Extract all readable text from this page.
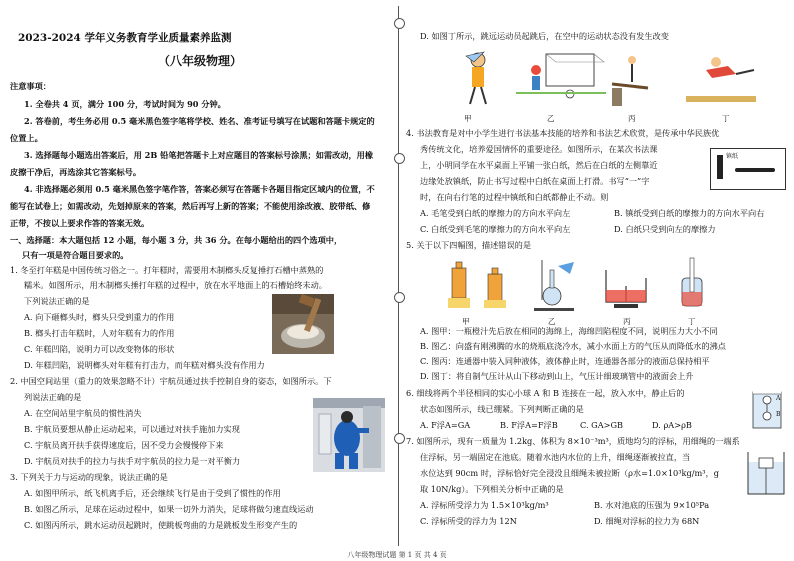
2023-2024 学年义务教育学业质量素养监测
（八年级物理）
注意事项：
1. 全卷共 4 页，满分 100 分，考试时间为 90 分钟。
2. 答卷前，考生务必用 0.5 毫米黑色签字笔将学校、姓名、准考证号填写在试题和答题卡规定的
位置上。
3. 选择题每小题选出答案后，用 2B 铅笔把答题卡上对应题目的答案标号涂黑；如需改动，用橡
皮擦干净后，再选涂其它答案标号。
4. 非选择题必须用 0.5 毫米黑色签字笔作答，答案必须写在答题卡各题目指定区域内的位置，不
能写在试卷上；如需改动，先划掉原来的答案，然后再写上新的答案；不能使用涂改液、胶带纸、修
正带，不按以上要求作答的答案无效。
一、选择题：本大题包括 12 小题，每小题 3 分，共 36 分。在每小题给出的四个选项中，
只有一项是符合题目要求的。
1. 冬至打年糕是中国传统习俗之一。打年糕时，需要用木制榔头反复捶打石槽中蒸熟的
糯米。如图所示，用木制榔头捶打年糕的过程中，放在水平地面上的石槽始终未动。
下列说法正确的是
A. 向下砸榔头时，榔头只受到重力的作用
B. 榔头打击年糕时，人对年糕有力的作用
C. 年糕凹陷，说明力可以改变物体的形状
D. 年糕凹陷，说明榔头对年糕有打击力，而年糕对榔头没有作用力
2. 中国空间站里（重力的效果忽略不计）宇航员通过扶手控制自身的姿态，如图所示。下
列说法正确的是
A. 在空间站里宇航员的惯性消失
B. 宇航员要想从静止运动起来，可以通过对扶手施加力实现
C. 宇航员离开扶手获得速度后，因不受力会慢慢停下来
D. 宇航员对扶手的拉力与扶手对宇航员的拉力是一对平衡力
3. 下列关于力与运动的现象，说法正确的是
A. 如图甲所示，纸飞机离手后，还会继续飞行是由于受到了惯性的作用
B. 如图乙所示，足球在运动过程中，如果一切外力消失，足球将做匀速直线运动
C. 如图丙所示，跳水运动员起跳时，使跳板弯曲的力是跳板发生形变产生的
D. 如图丁所示，跳远运动员起跳后，在空中的运动状态没有发生改变
甲	乙	丙	丁
4. 书法教育是对中小学生进行书法基本技能的培养和书法艺术欣赏，是传承中华民族优
秀传统文化，培养爱国情怀的重要途径。如图所示，在某次书法课
上，小明同学在水平桌面上平铺一张白纸，然后在白纸的左侧靠近
边缘处放镇纸，防止书写过程中白纸在桌面上打滑。书写“一”字
时，在向右行笔的过程中镇纸和白纸都静止不动。则
镇纸
A. 毛笔受到白纸的摩擦力的方向水平向左	B. 镇纸受到白纸的摩擦力的方向水平向右
C. 白纸受到毛笔的摩擦力的方向水平向左	D. 白纸只受到向左的摩擦力
5. 关于以下四幅图，描述错误的是
甲	乙	丙	丁
A. 图甲：一瓶橙汁先后放在相同的海绵上，海绵凹陷程度不同，说明压力大小不同
B. 图乙：向盛有刚沸腾的水的烧瓶底浇冷水，减小水面上方的气压从而降低水的沸点
C. 图丙：连通器中装入同种液体，液体静止时，连通器各部分的液面总保持相平
D. 图丁：将自制气压计从山下移动到山上，气压计细玻璃管中的液面会上升
6. 细线将两个半径相同的实心小球 A 和 B 连接在一起，放入水中，静止后的
状态如图所示，线已绷紧。下列判断正确的是
A. F浮A=GA	B. F浮A=F浮B	C. GA>GB	D. ρA>ρB
A
B
7. 如图所示，现有一质量为 1.2kg、体积为 8×10⁻³m³，质地均匀的浮标，用细绳的一端系
住浮标，另一端固定在池底。随着水池内水位的上升，细绳逐渐被拉直，当
水位达到 90cm 时，浮标恰好完全浸没且细绳未被拉断（ρ水=1.0×10³kg/m³，g
取 10N/kg）。下列相关分析中正确的是
A. 浮标所受浮力为 1.5×10³kg/m³	B. 水对池底的压强为 9×10⁵Pa
C. 浮标所受的浮力为 12N	D. 细绳对浮标的拉力为 68N
八年级物理试题 第 1 页 共 4 页
